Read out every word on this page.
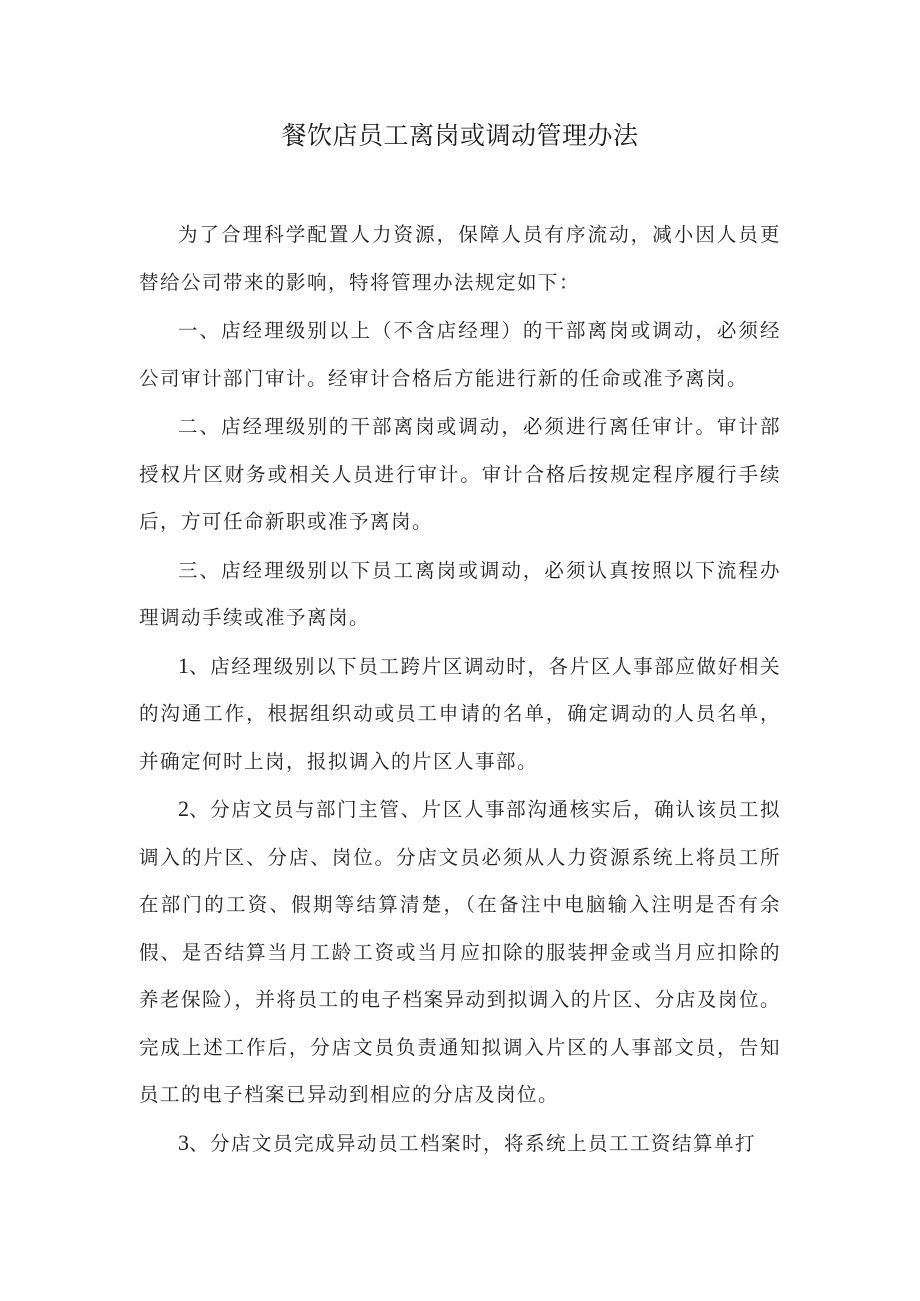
餐饮店员工离岗或调动管理办法

为了合理科学配置人力资源，保障人员有序流动，减小因人员更替给公司带来的影响，特将管理办法规定如下：

一、店经理级别以上（不含店经理）的干部离岗或调动，必须经公司审计部门审计。经审计合格后方能进行新的任命或准予离岗。

二、店经理级别的干部离岗或调动，必须进行离任审计。审计部授权片区财务或相关人员进行审计。审计合格后按规定程序履行手续后，方可任命新职或准予离岗。

三、店经理级别以下员工离岗或调动，必须认真按照以下流程办理调动手续或准予离岗。

1、店经理级别以下员工跨片区调动时，各片区人事部应做好相关的沟通工作，根据组织动或员工申请的名单，确定调动的人员名单，并确定何时上岗，报拟调入的片区人事部。

2、分店文员与部门主管、片区人事部沟通核实后，确认该员工拟调入的片区、分店、岗位。分店文员必须从人力资源系统上将员工所在部门的工资、假期等结算清楚，（在备注中电脑输入注明是否有余假、是否结算当月工龄工资或当月应扣除的服装押金或当月应扣除的养老保险），并将员工的电子档案异动到拟调入的片区、分店及岗位。完成上述工作后，分店文员负责通知拟调入片区的人事部文员，告知员工的电子档案已异动到相应的分店及岗位。

3、分店文员完成异动员工档案时，将系统上员工工资结算单打
